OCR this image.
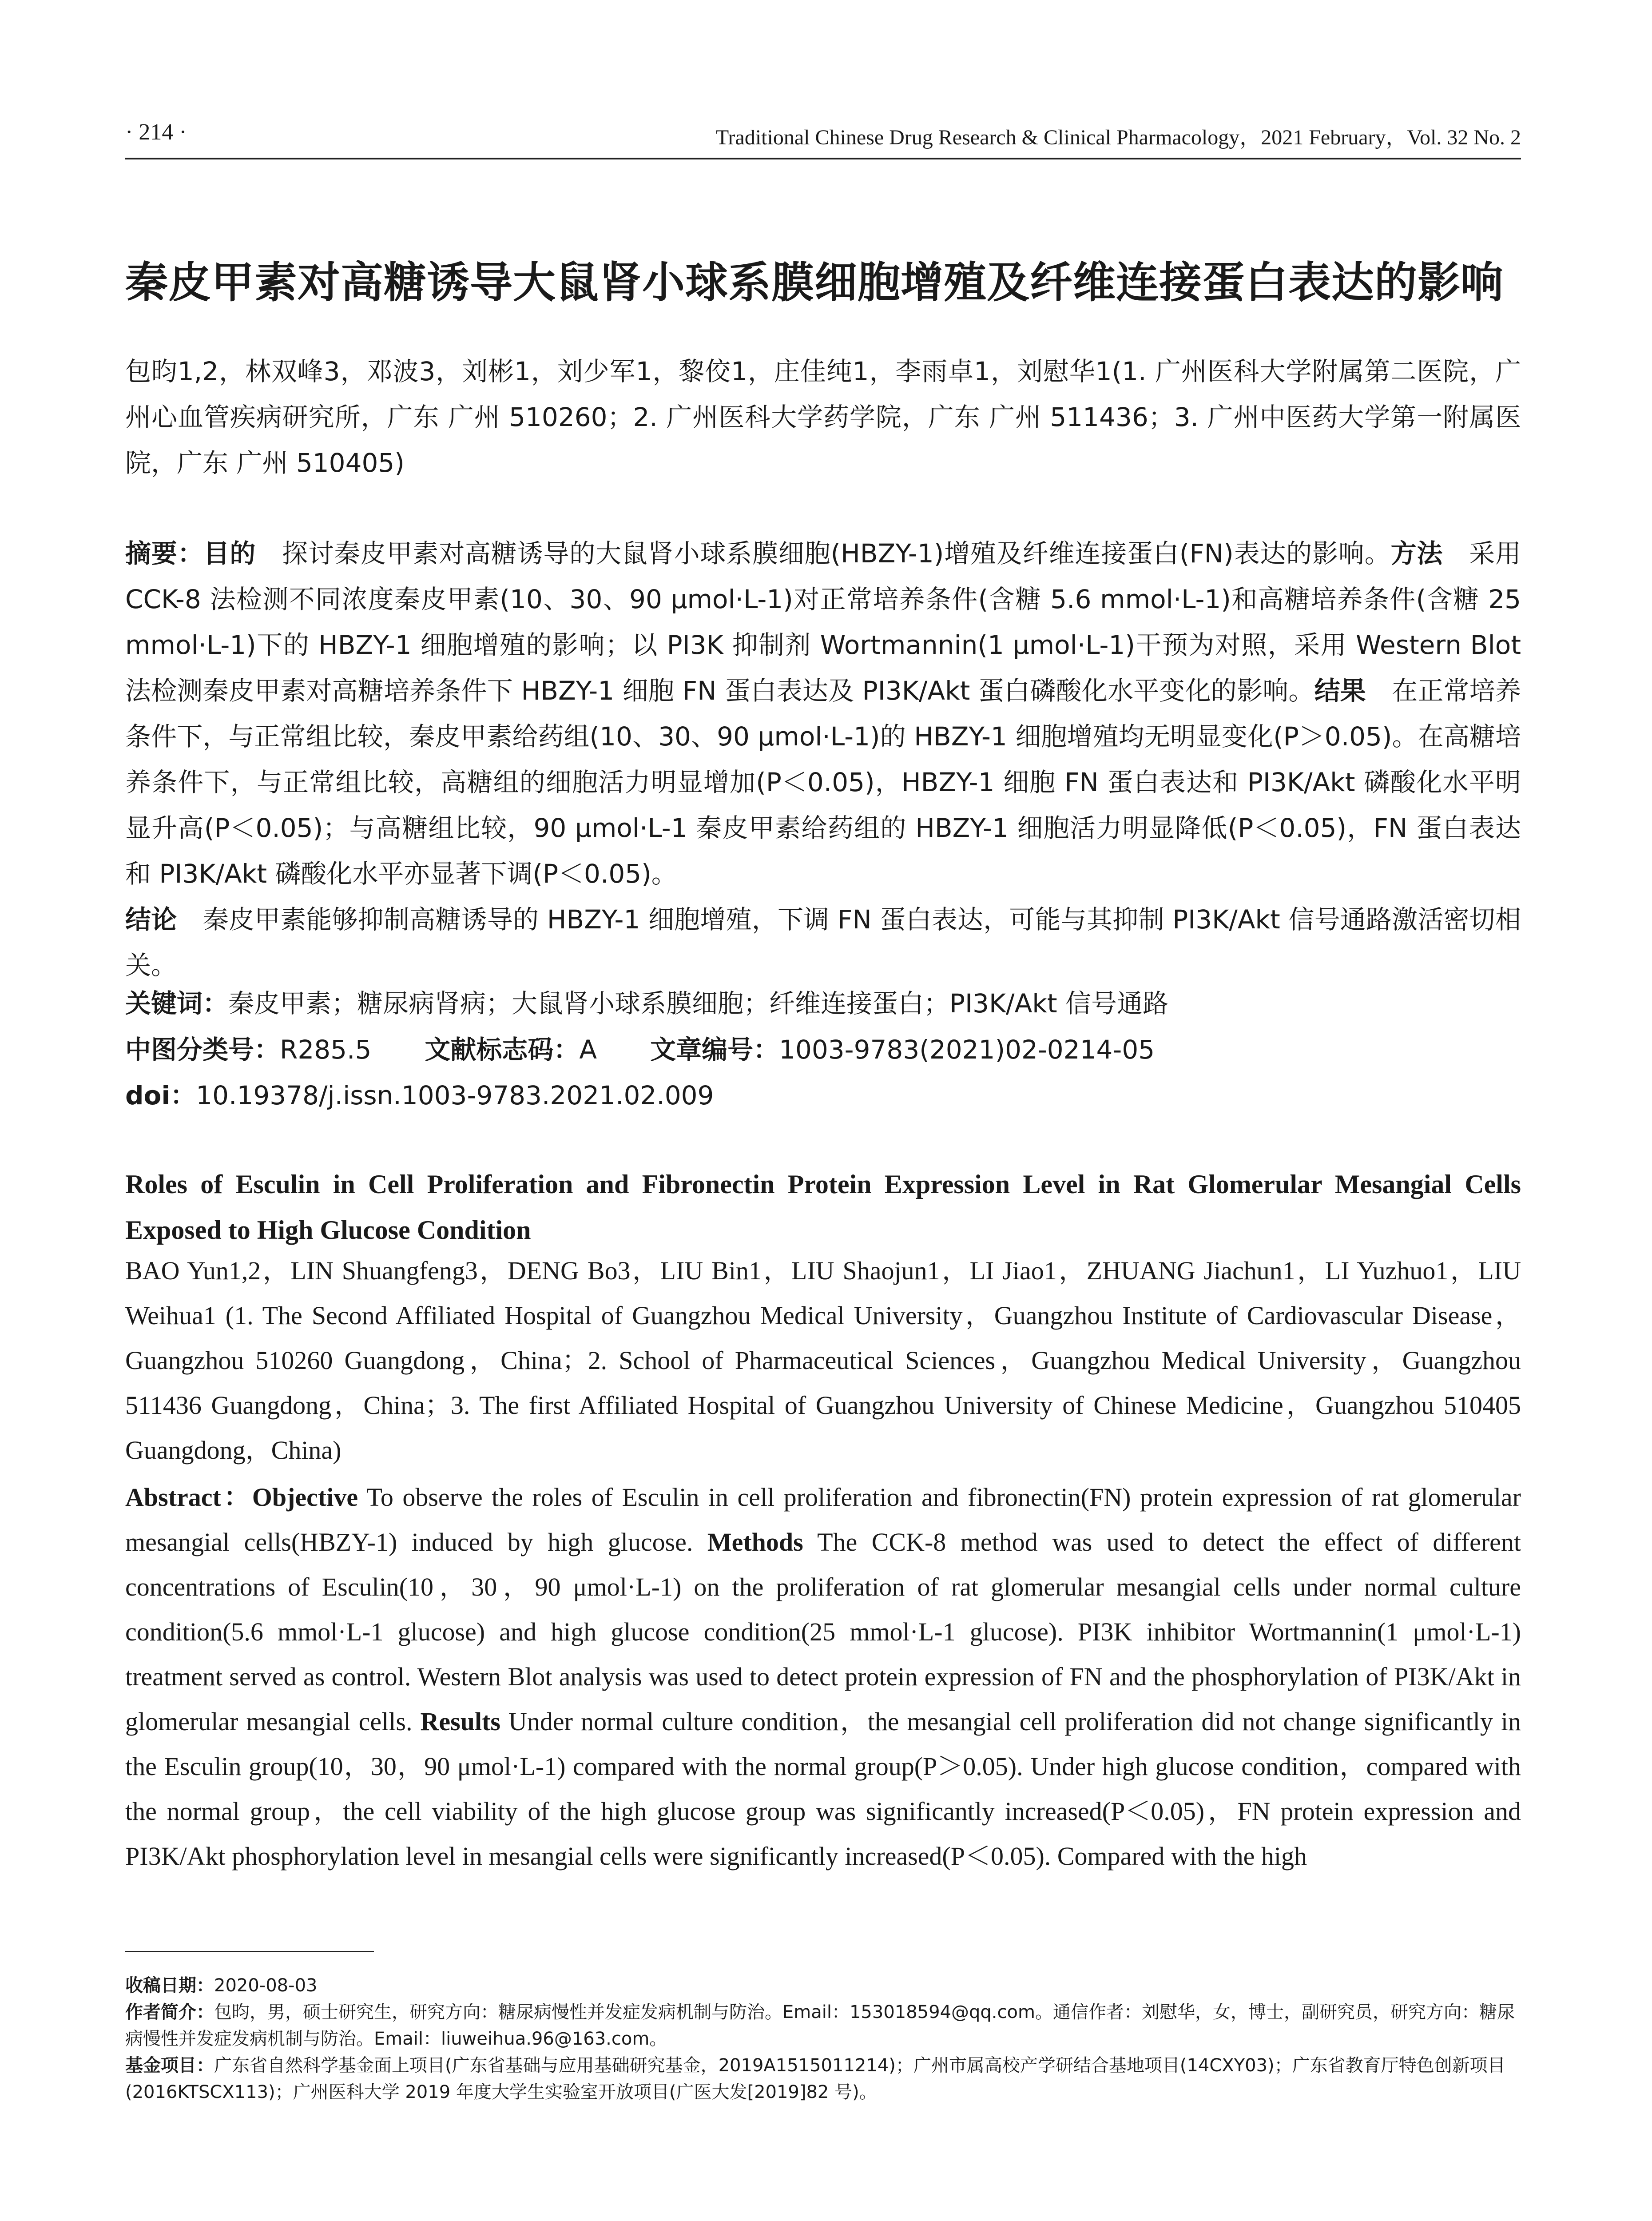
· 214 ·	Traditional Chinese Drug Research & Clinical Pharmacology，2021 February，Vol. 32 No. 2
秦皮甲素对高糖诱导大鼠肾小球系膜细胞增殖及纤维连接蛋白表达的影响
包昀1,2，林双峰3，邓波3，刘彬1，刘少军1，黎佼1，庄佳纯1，李雨卓1，刘慰华1(1. 广州医科大学附属第二医院，广州心血管疾病研究所，广东 广州 510260；2. 广州医科大学药学院，广东 广州 511436；3. 广州中医药大学第一附属医院，广东 广州 510405)
摘要：目的　 探讨秦皮甲素对高糖诱导的大鼠肾小球系膜细胞(HBZY-1)增殖及纤维连接蛋白(FN)表达的影响。方法　 采用 CCK-8 法检测不同浓度秦皮甲素(10、30、90 μmol·L-1)对正常培养条件(含糖 5.6 mmol·L-1)和高糖培养条件(含糖 25 mmol·L-1)下的 HBZY-1 细胞增殖的影响；以 PI3K 抑制剂 Wortmannin(1 μmol·L-1)干预为对照，采用 Western Blot 法检测秦皮甲素对高糖培养条件下 HBZY-1 细胞 FN 蛋白表达及 PI3K/Akt 蛋白磷酸化水平变化的影响。结果　 在正常培养条件下，与正常组比较，秦皮甲素给药组(10、30、90 μmol·L-1)的 HBZY-1 细胞增殖均无明显变化(P＞0.05)。在高糖培养条件下，与正常组比较，高糖组的细胞活力明显增加(P＜0.05)，HBZY-1 细胞 FN 蛋白表达和 PI3K/Akt 磷酸化水平明显升高(P＜0.05)；与高糖组比较，90 μmol·L-1 秦皮甲素给药组的 HBZY-1 细胞活力明显降低(P＜0.05)，FN 蛋白表达和 PI3K/Akt 磷酸化水平亦显著下调(P＜0.05)。
结论　 秦皮甲素能够抑制高糖诱导的 HBZY-1 细胞增殖，下调 FN 蛋白表达，可能与其抑制 PI3K/Akt 信号通路激活密切相关。
关键词：秦皮甲素；糖尿病肾病；大鼠肾小球系膜细胞；纤维连接蛋白；PI3K/Akt 信号通路
中图分类号：R285.5 文献标志码：A 文章编号：1003-9783(2021)02-0214-05
doi：10.19378/j.issn.1003-9783.2021.02.009
Roles of Esculin in Cell Proliferation and Fibronectin Protein Expression Level in Rat Glomerular Mesangial Cells Exposed to High Glucose Condition
BAO Yun1,2，LIN Shuangfeng3，DENG Bo3，LIU Bin1，LIU Shaojun1，LI Jiao1，ZHUANG Jiachun1，LI Yuzhuo1，LIU Weihua1 (1. The Second Affiliated Hospital of Guangzhou Medical University，Guangzhou Institute of Cardiovascular Disease，Guangzhou 510260 Guangdong，China；2. School of Pharmaceutical Sciences，Guangzhou Medical University，Guangzhou 511436 Guangdong，China；3. The first Affiliated Hospital of Guangzhou University of Chinese Medicine，Guangzhou 510405 Guangdong，China)
Abstract：Objective To observe the roles of Esculin in cell proliferation and fibronectin(FN) protein expression of rat glomerular mesangial cells(HBZY-1) induced by high glucose. Methods The CCK-8 method was used to detect the effect of different concentrations of Esculin(10，30，90 μmol·L-1) on the proliferation of rat glomerular mesangial cells under normal culture condition(5.6 mmol·L-1 glucose) and high glucose condition(25 mmol·L-1 glucose). PI3K inhibitor Wortmannin(1 μmol·L-1) treatment served as control. Western Blot analysis was used to detect protein expression of FN and the phosphorylation of PI3K/Akt in glomerular mesangial cells. Results Under normal culture condition，the mesangial cell proliferation did not change significantly in the Esculin group(10，30，90 μmol·L-1) compared with the normal group(P＞0.05). Under high glucose condition，compared with the normal group，the cell viability of the high glucose group was significantly increased(P＜0.05)，FN protein expression and PI3K/Akt phosphorylation level in mesangial cells were significantly increased(P＜0.05). Compared with the high
收稿日期：2020-08-03
作者简介：包昀，男，硕士研究生，研究方向：糖尿病慢性并发症发病机制与防治。Email：153018594@qq.com。通信作者：刘慰华，女，博士，副研究员，研究方向：糖尿病慢性并发症发病机制与防治。Email：liuweihua.96@163.com。
基金项目：广东省自然科学基金面上项目(广东省基础与应用基础研究基金，2019A1515011214)；广州市属高校产学研结合基地项目(14CXY03)；广东省教育厅特色创新项目(2016KTSCX113)；广州医科大学 2019 年度大学生实验室开放项目(广医大发[2019]82 号)。
